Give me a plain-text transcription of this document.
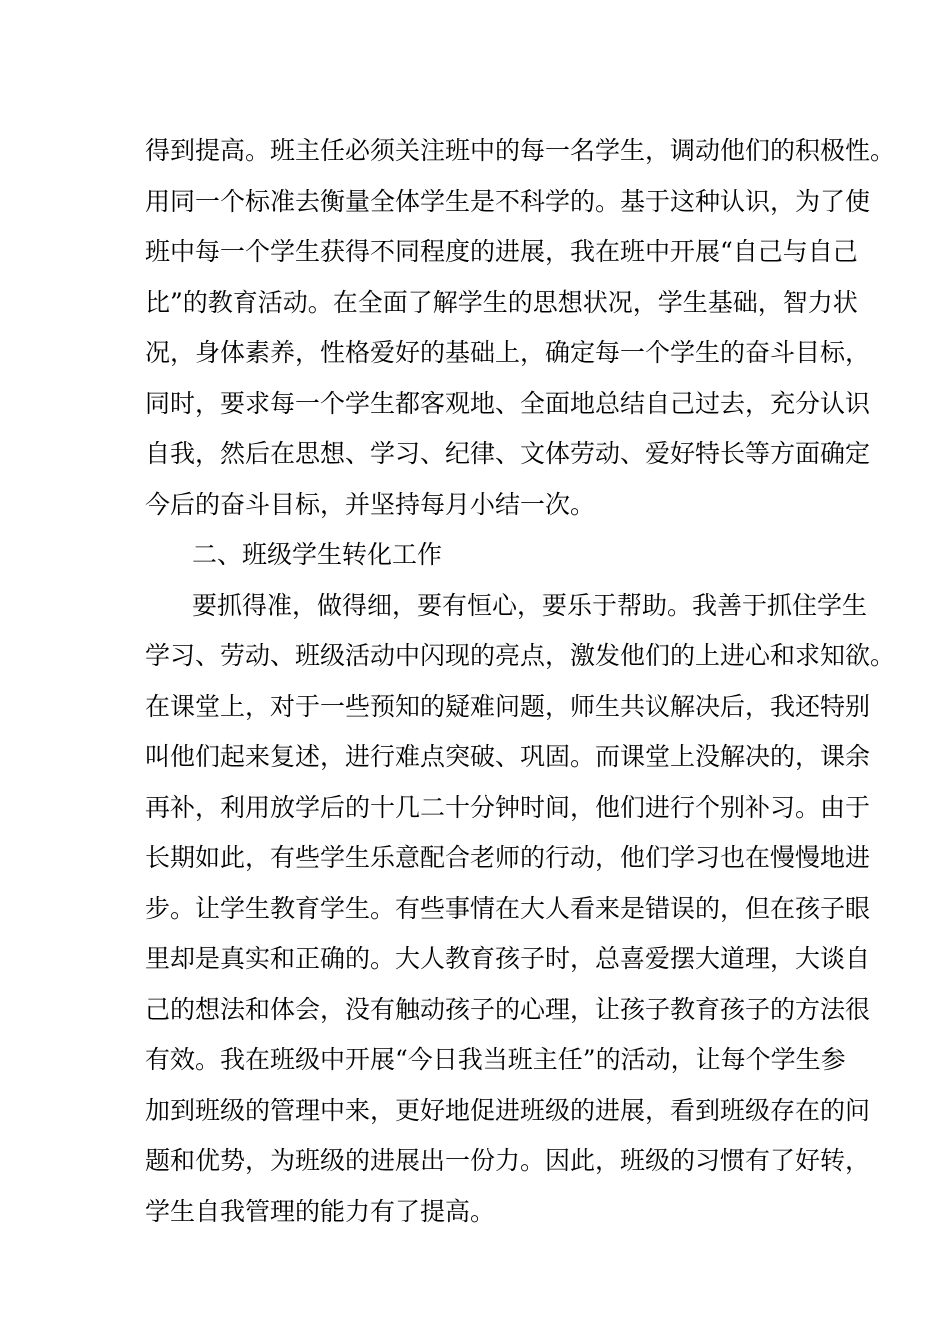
得到提高。班主任必须关注班中的每一名学生，调动他们的积极性。
用同一个标准去衡量全体学生是不科学的。基于这种认识，为了使
班中每一个学生获得不同程度的进展，我在班中开展“自己与自己
比”的教育活动。在全面了解学生的思想状况，学生基础，智力状
况，身体素养，性格爱好的基础上，确定每一个学生的奋斗目标，
同时，要求每一个学生都客观地、全面地总结自己过去，充分认识
自我，然后在思想、学习、纪律、文体劳动、爱好特长等方面确定
今后的奋斗目标，并坚持每月小结一次。
二、班级学生转化工作
要抓得准，做得细，要有恒心，要乐于帮助。我善于抓住学生
学习、劳动、班级活动中闪现的亮点，激发他们的上进心和求知欲。
在课堂上，对于一些预知的疑难问题，师生共议解决后，我还特别
叫他们起来复述，进行难点突破、巩固。而课堂上没解决的，课余
再补，利用放学后的十几二十分钟时间，他们进行个别补习。由于
长期如此，有些学生乐意配合老师的行动，他们学习也在慢慢地进
步。让学生教育学生。有些事情在大人看来是错误的，但在孩子眼
里却是真实和正确的。大人教育孩子时，总喜爱摆大道理，大谈自
己的想法和体会，没有触动孩子的心理，让孩子教育孩子的方法很
有效。我在班级中开展“今日我当班主任”的活动，让每个学生参
加到班级的管理中来，更好地促进班级的进展，看到班级存在的问
题和优势，为班级的进展出一份力。因此，班级的习惯有了好转，
学生自我管理的能力有了提高。
